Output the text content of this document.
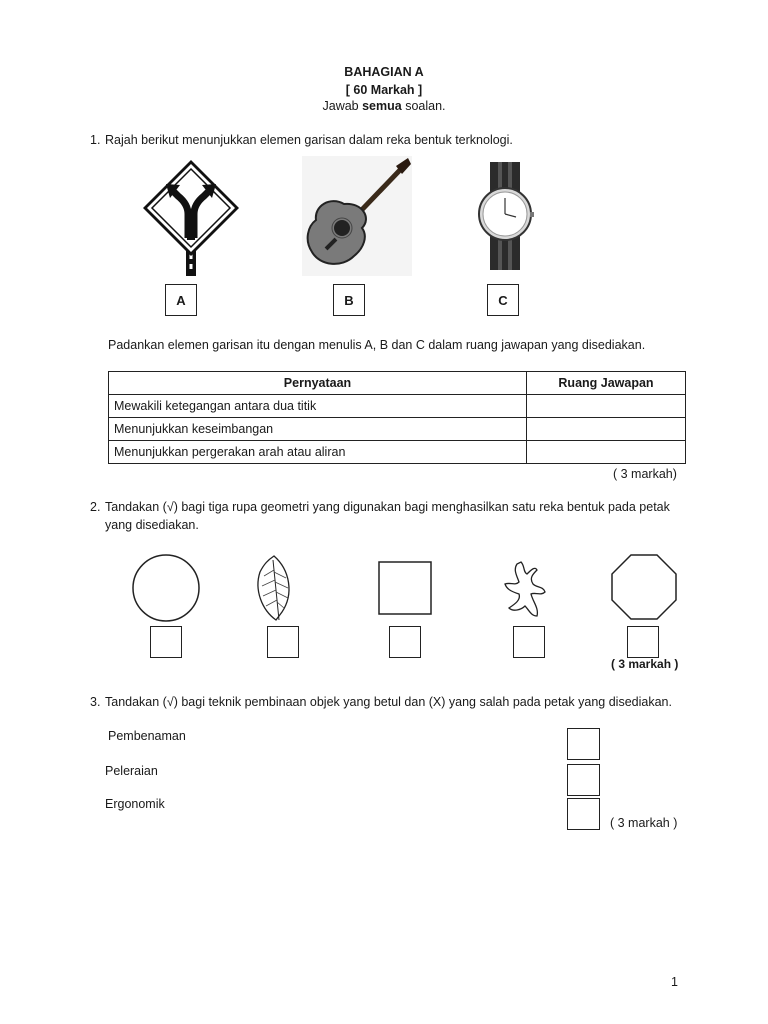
BAHAGIAN A
[ 60 Markah ]
Jawab semua soalan.
1. Rajah berikut menunjukkan elemen garisan dalam reka bentuk terknologi.
A	B	C
Padankan elemen garisan itu dengan menulis A, B dan C dalam ruang jawapan yang disediakan.
Pernyataan	Ruang Jawapan
Mewakili ketegangan antara dua titik	
Menunjukkan keseimbangan	
Menunjukkan pergerakan arah atau aliran	
( 3 markah)
2. Tandakan (√) bagi tiga rupa geometri yang digunakan bagi menghasilkan satu reka bentuk pada petak
yang disediakan.
( 3 markah )
3. Tandakan (√) bagi teknik pembinaan objek yang betul dan (X) yang salah pada petak yang disediakan.
Pembenaman
Peleraian
Ergonomik
( 3 markah )
1
